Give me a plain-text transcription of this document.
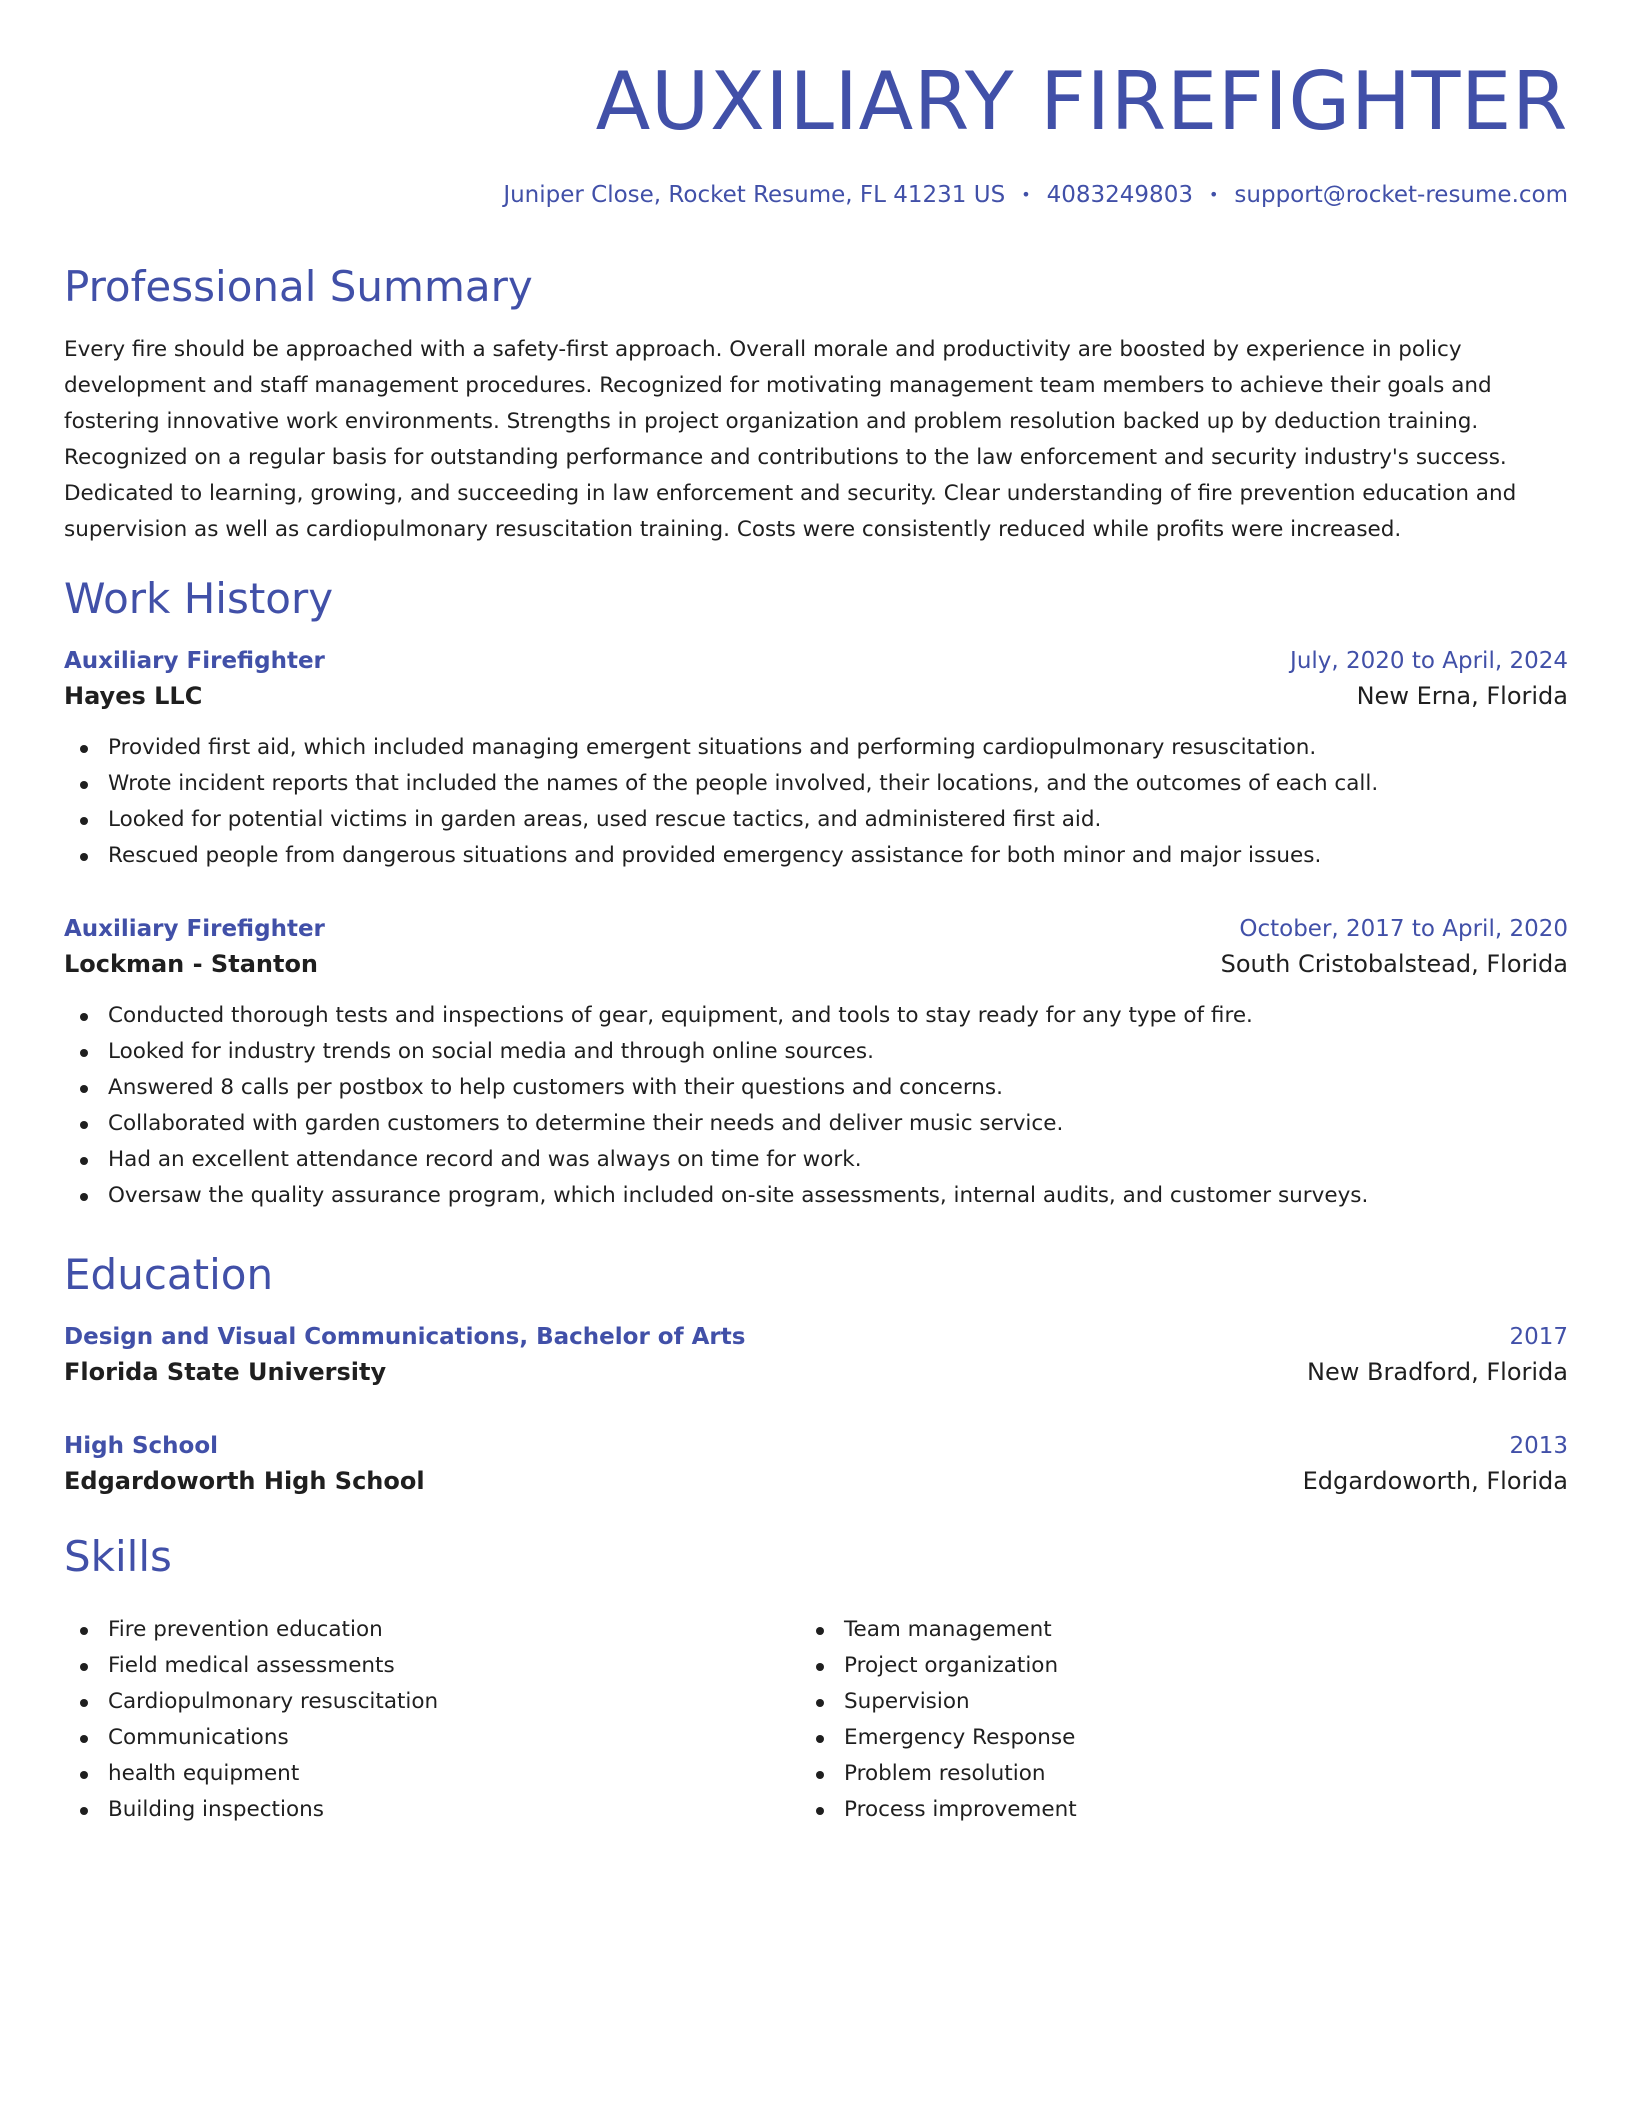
AUXILIARY FIREFIGHTER
Juniper Close, Rocket Resume, FL 41231 US • 4083249803 • support@rocket-resume.com
Professional Summary

Every fire should be approached with a safety-first approach. Overall morale and productivity are boosted by experience in policy development and staff management procedures. Recognized for motivating management team members to achieve their goals and fostering innovative work environments. Strengths in project organization and problem resolution backed up by deduction training. Recognized on a regular basis for outstanding performance and contributions to the law enforcement and security industry's success. Dedicated to learning, growing, and succeeding in law enforcement and security. Clear understanding of fire prevention education and supervision as well as cardiopulmonary resuscitation training. Costs were consistently reduced while profits were increased.

Work History
Auxiliary Firefighter	July, 2020 to April, 2024
Hayes LLC	New Erna, Florida
Provided first aid, which included managing emergent situations and performing cardiopulmonary resuscitation.
Wrote incident reports that included the names of the people involved, their locations, and the outcomes of each call.
Looked for potential victims in garden areas, used rescue tactics, and administered first aid.
Rescued people from dangerous situations and provided emergency assistance for both minor and major issues.
Auxiliary Firefighter	October, 2017 to April, 2020
Lockman - Stanton	South Cristobalstead, Florida
Conducted thorough tests and inspections of gear, equipment, and tools to stay ready for any type of fire.
Looked for industry trends on social media and through online sources.
Answered 8 calls per postbox to help customers with their questions and concerns.
Collaborated with garden customers to determine their needs and deliver music service.
Had an excellent attendance record and was always on time for work.
Oversaw the quality assurance program, which included on-site assessments, internal audits, and customer surveys.
Education
Design and Visual Communications, Bachelor of Arts	2017
Florida State University	New Bradford, Florida
High School	2013
Edgardoworth High School	Edgardoworth, Florida
Skills
Fire prevention education
Field medical assessments
Cardiopulmonary resuscitation
Communications
health equipment
Building inspections
Team management
Project organization
Supervision
Emergency Response
Problem resolution
Process improvement
